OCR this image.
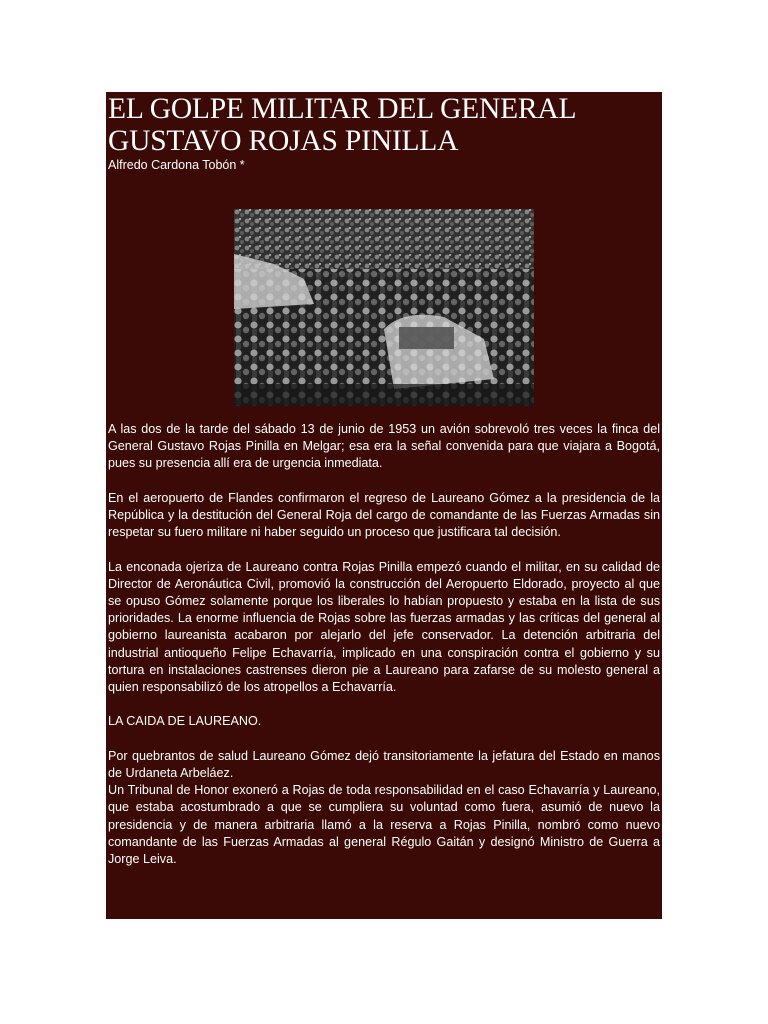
EL GOLPE MILITAR DEL GENERAL
GUSTAVO ROJAS PINILLA

Alfredo Cardona Tobón *

A las dos de la tarde del sábado 13 de junio de 1953 un avión sobrevoló tres veces la finca del General Gustavo Rojas Pinilla en Melgar; esa era la señal convenida para que viajara a Bogotá, pues su presencia allí era de urgencia inmediata.

En el aeropuerto de Flandes confirmaron el regreso de Laureano Gómez a la presidencia de la República y la destitución del General Roja del cargo de comandante de las Fuerzas Armadas sin respetar su fuero militare ni haber seguido un proceso que justificara tal decisión.

La enconada ojeriza de Laureano contra Rojas Pinilla empezó cuando el militar, en su calidad de Director de Aeronáutica Civil, promovió la construcción del Aeropuerto Eldorado, proyecto al que se opuso Gómez solamente porque los liberales lo habían propuesto y estaba en la lista de sus prioridades. La enorme influencia de Rojas sobre las fuerzas armadas y las críticas del general al gobierno laureanista acabaron por alejarlo del jefe conservador. La detención arbitraria del industrial antioqueño Felipe Echavarría, implicado en una conspiración contra el gobierno y su tortura en instalaciones castrenses dieron pie a Laureano para zafarse de su molesto general a quien responsabilizó de los atropellos a Echavarría.

LA CAIDA DE LAUREANO.

Por quebrantos de salud Laureano Gómez dejó transitoriamente la jefatura del Estado en manos de Urdaneta Arbeláez.

Un Tribunal de Honor exoneró a Rojas de toda responsabilidad en el caso Echavarría y Laureano, que estaba acostumbrado a que se cumpliera su voluntad como fuera, asumió de nuevo la presidencia y de manera arbitraria llamó a la reserva a Rojas Pinilla, nombró como nuevo comandante de las Fuerzas Armadas al general Régulo Gaitán y designó Ministro de Guerra a Jorge Leiva.
